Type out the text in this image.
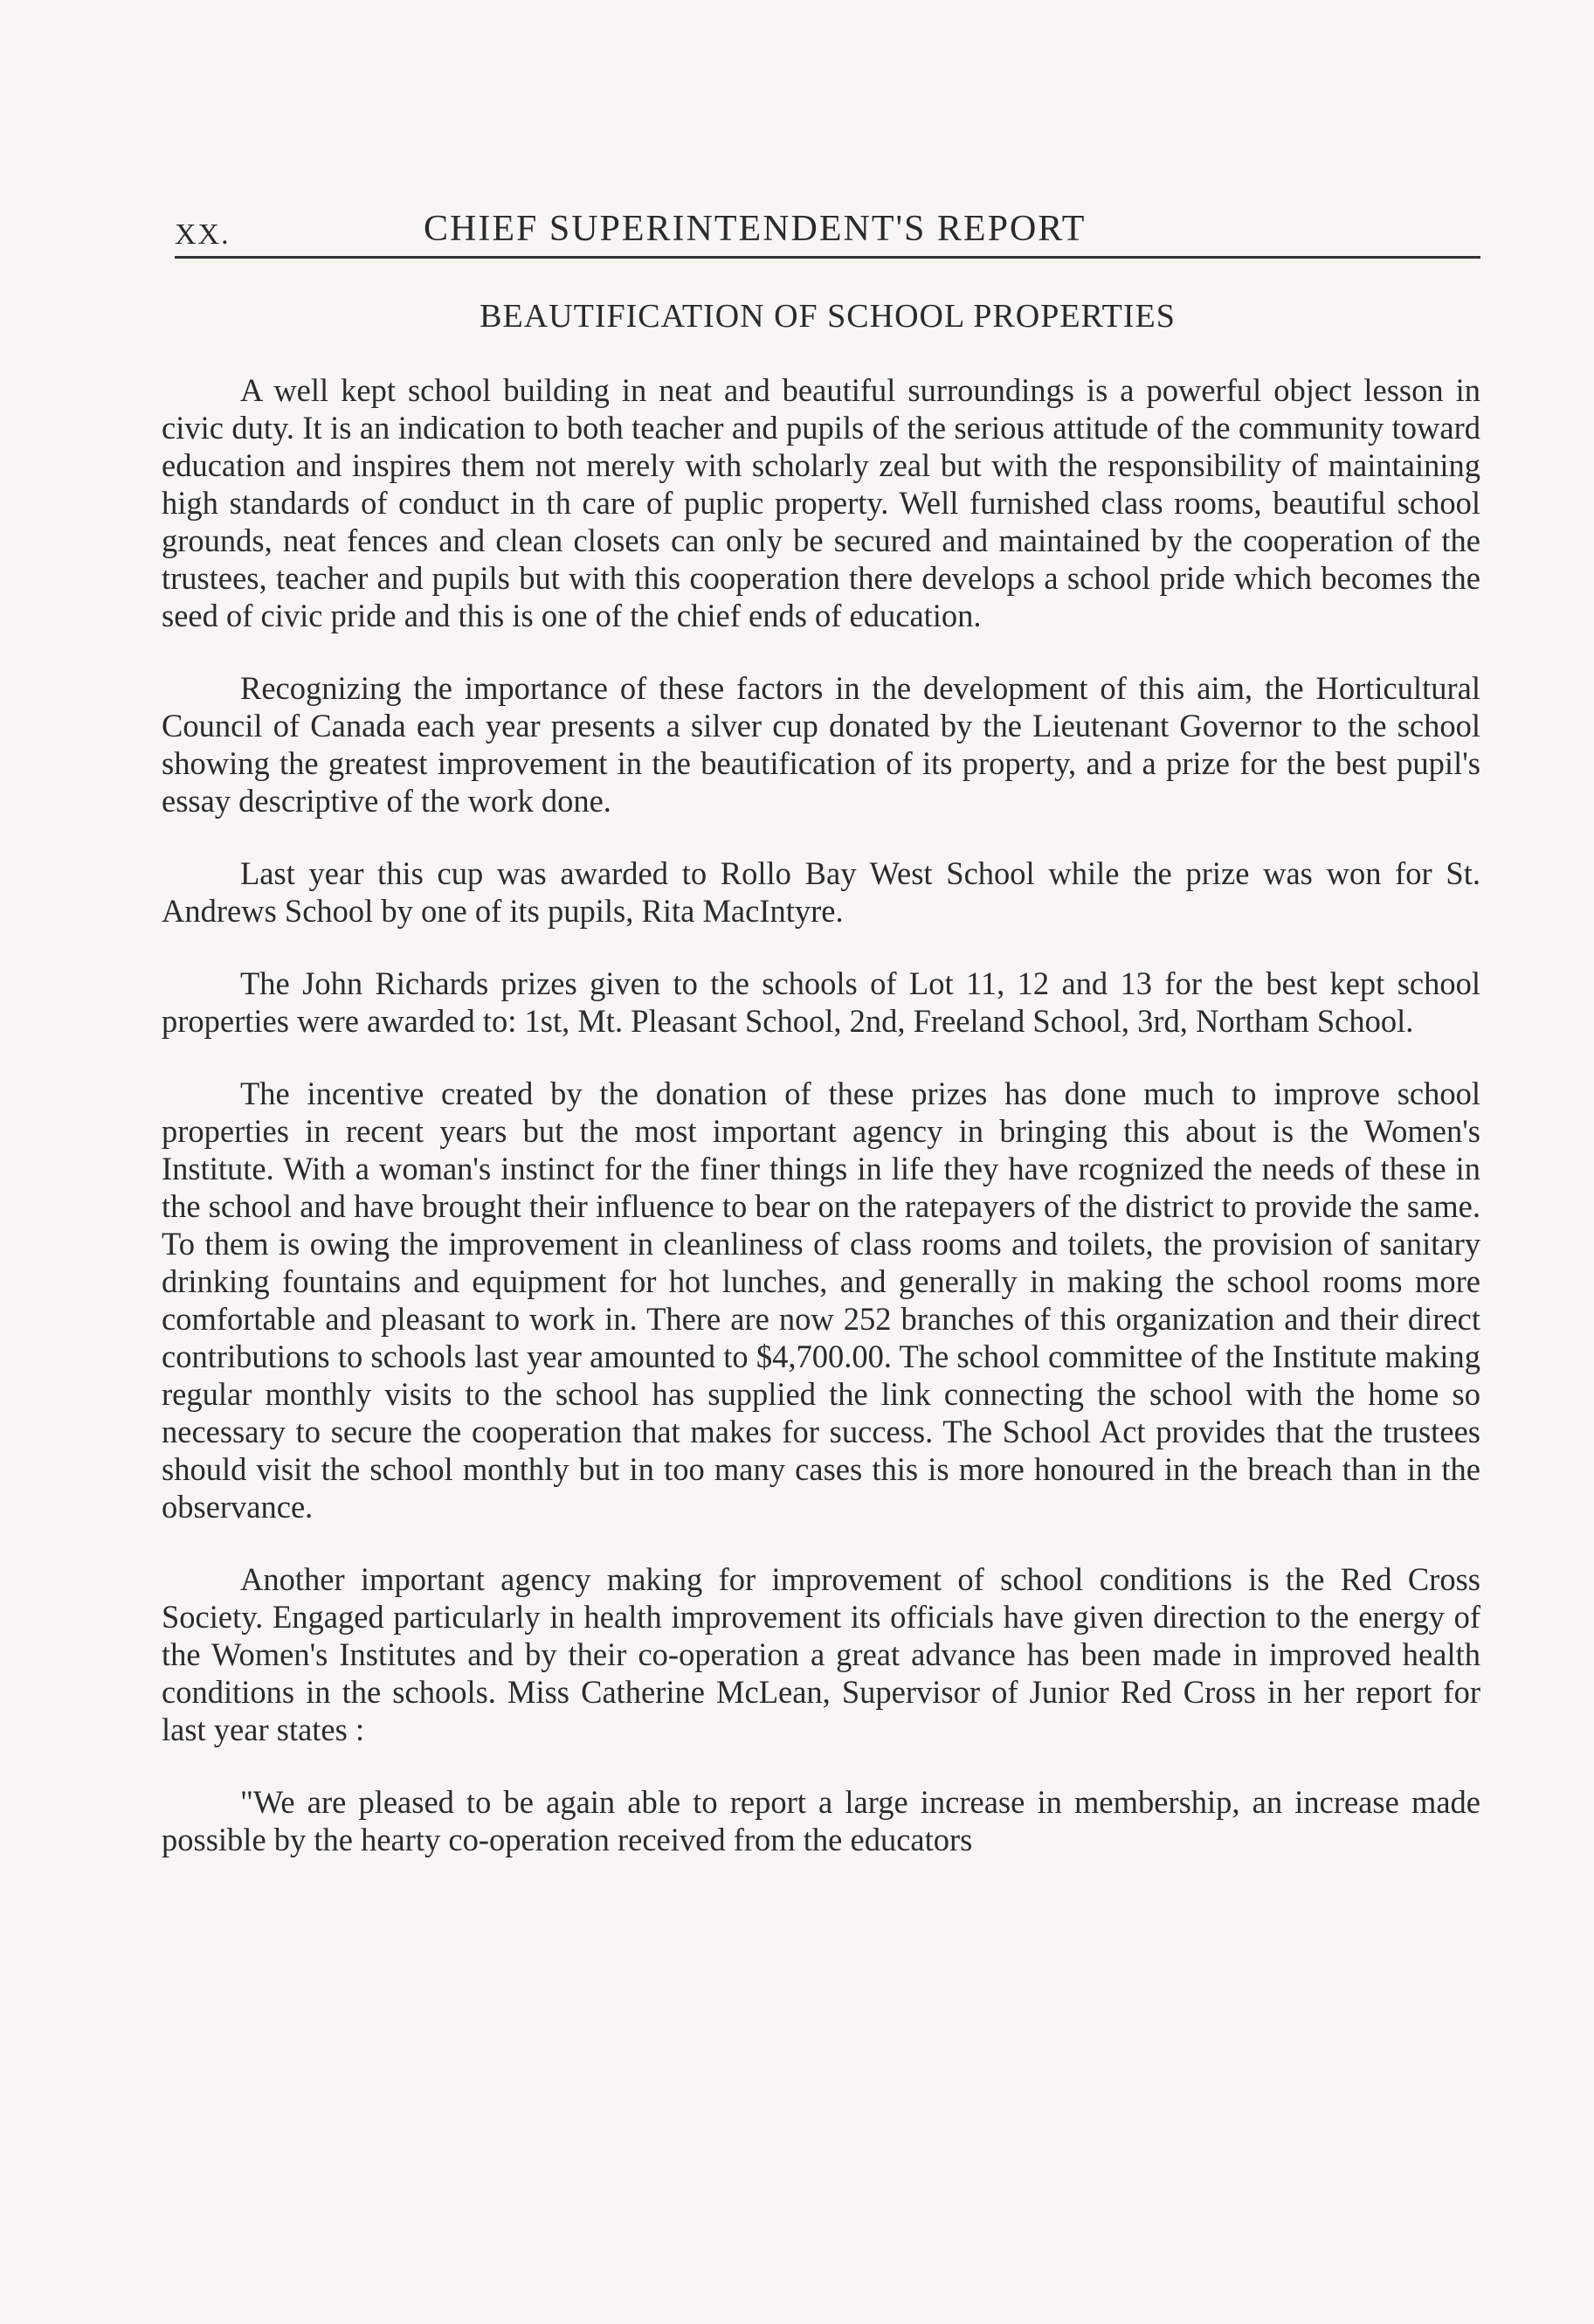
XX.	CHIEF SUPERINTENDENT'S REPORT
BEAUTIFICATION OF SCHOOL PROPERTIES

A well kept school building in neat and beautiful surroundings is a powerful object lesson in civic duty. It is an indication to both teacher and pupils of the serious attitude of the community toward education and inspires them not merely with scholarly zeal but with the responsibility of maintaining high standards of conduct in th care of puplic property. Well furnished class rooms, beautiful school grounds, neat fences and clean closets can only be secured and maintained by the cooperation of the trustees, teacher and pupils but with this cooperation there develops a school pride which becomes the seed of civic pride and this is one of the chief ends of education.

Recognizing the importance of these factors in the development of this aim, the Horticultural Council of Canada each year presents a silver cup donated by the Lieutenant Governor to the school showing the greatest improvement in the beautification of its property, and a prize for the best pupil's essay descriptive of the work done.

Last year this cup was awarded to Rollo Bay West School while the prize was won for St. Andrews School by one of its pupils, Rita MacIntyre.

The John Richards prizes given to the schools of Lot 11, 12 and 13 for the best kept school properties were awarded to: 1st, Mt. Pleasant School, 2nd, Freeland School, 3rd, Northam School.

The incentive created by the donation of these prizes has done much to improve school properties in recent years but the most important agency in bringing this about is the Women's Institute. With a woman's instinct for the finer things in life they have rcognized the needs of these in the school and have brought their influence to bear on the ratepayers of the district to provide the same. To them is owing the improvement in cleanliness of class rooms and toilets, the provision of sanitary drinking fountains and equipment for hot lunches, and generally in making the school rooms more comfortable and pleasant to work in. There are now 252 branches of this organization and their direct contributions to schools last year amounted to $4,700.00. The school committee of the Institute making regular monthly visits to the school has supplied the link connecting the school with the home so necessary to secure the cooperation that makes for success. The School Act provides that the trustees should visit the school monthly but in too many cases this is more honoured in the breach than in the observance.

Another important agency making for improvement of school conditions is the Red Cross Society. Engaged particularly in health improvement its officials have given direction to the energy of the Women's Institutes and by their co-operation a great advance has been made in improved health conditions in the schools. Miss Catherine McLean, Supervisor of Junior Red Cross in her report for last year states :

"We are pleased to be again able to report a large increase in membership, an increase made possible by the hearty co-operation received from the educators
